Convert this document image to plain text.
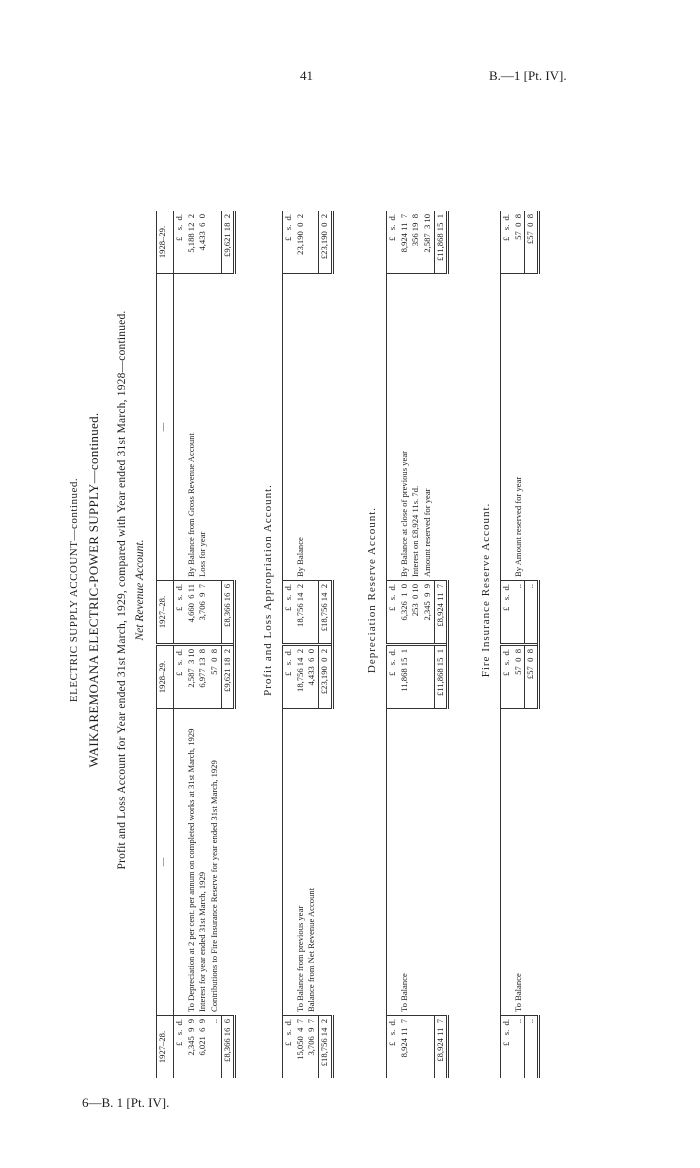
41	B.—1 [Pt. IV].
6—B. 1 [Pt. IV].
ELECTRIC SUPPLY ACCOUNT—continued. WAIKAREMOANA ELECTRIC-POWER SUPPLY—continued. Profit and Loss Account for Year ended 31st March, 1929, compared with Year ended 31st March, 1928—continued. Net Revenue Account.
1927–28.	—	1928–29.	1927–28.	—	1928–29.
£   s.  d.		£   s.  d.	£   s.  d.		£   s.  d.
2,345  9  9	To Depreciation at 2 per cent. per annum on completed works at 31st March, 1929	2,587  3 10	4,660  6 11	By Balance from Gross Revenue Account	5,188 12  2
6,021  6  9	Interest for year ended 31st March, 1929	6,977 13  8	3,706  9  7	Loss for year	4,433  6  0
..	Contributions to Fire Insurance Reserve for year ended 31st March, 1929	57  0  8			
£8,366 16  6		£9,621 18  2	£8,366 16  6		£9,621 18  2
Profit and Loss Appropriation Account.
£   s.  d.		£   s.  d.	£   s.  d.		£   s.  d.
15,050  4  7	To Balance from previous year	18,756 14  2	18,756 14  2	By Balance	23,190  0  2
3,706  9  7	Balance from Net Revenue Account	4,433  6  0			
£18,756 14  2		£23,190  0  2	£18,756 14  2		£23,190  0  2
Depreciation Reserve Account.
£   s.  d.		£   s.  d.	£   s.  d.		£   s.  d.
8,924 11  7	To Balance	11,868 15  1	6,326  1  0	By Balance at close of previous year	8,924 11  7
			253  0 10	Interest on £8,924 11s. 7d.	356 19  8
			2,345  9  9	Amount reserved for year	2,587  3 10
£8,924 11  7		£11,868 15  1	£8,924 11  7		£11,868 15  1
Fire Insurance Reserve Account.
£   s.  d.		£   s.  d.	£   s.  d.		£   s.  d.
..	To Balance	57  0  8	..	By Amount reserved for year	57  0  8
..		£57  0  8	..		£57  0  8
